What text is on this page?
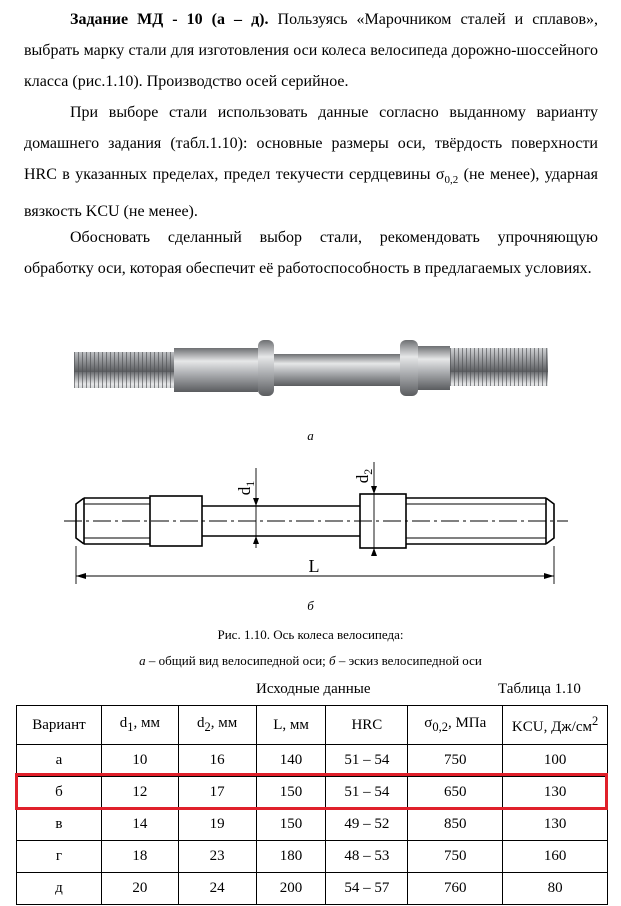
Задание МД - 10 (а – д). Пользуясь «Марочником сталей и сплавов», выбрать марку стали для изготовления оси колеса велосипеда дорожно-шоссейного класса (рис.1.10). Производство осей серийное.

При выборе стали использовать данные согласно выданному варианту домашнего задания (табл.1.10): основные размеры оси, твёрдость поверхности HRC в указанных пределах, предел текучести сердцевины $\sigma_{0,2}$ (не менее), ударная вязкость KCU (не менее).

Обосновать сделанный выбор стали, рекомендовать упрочняющую обработку оси, которая обеспечит её работоспособность в предлагаемых условиях.

а
$d_1$
$d_2$
L
б
Рис. 1.10. Ось колеса велосипеда:
а – общий вид велосипедной оси; б – эскиз велосипедной оси
Исходные данные	Таблица 1.10
Вариант	$d_1$, мм	$d_2$, мм	L, мм	HRC	$\sigma_{0,2}$, МПа	KCU, $Дж/см^2$
а	10	16	140	51 – 54	750	100
б	12	17	150	51 – 54	650	130
в	14	19	150	49 – 52	850	130
г	18	23	180	48 – 53	750	160
д	20	24	200	54 – 57	760	80
